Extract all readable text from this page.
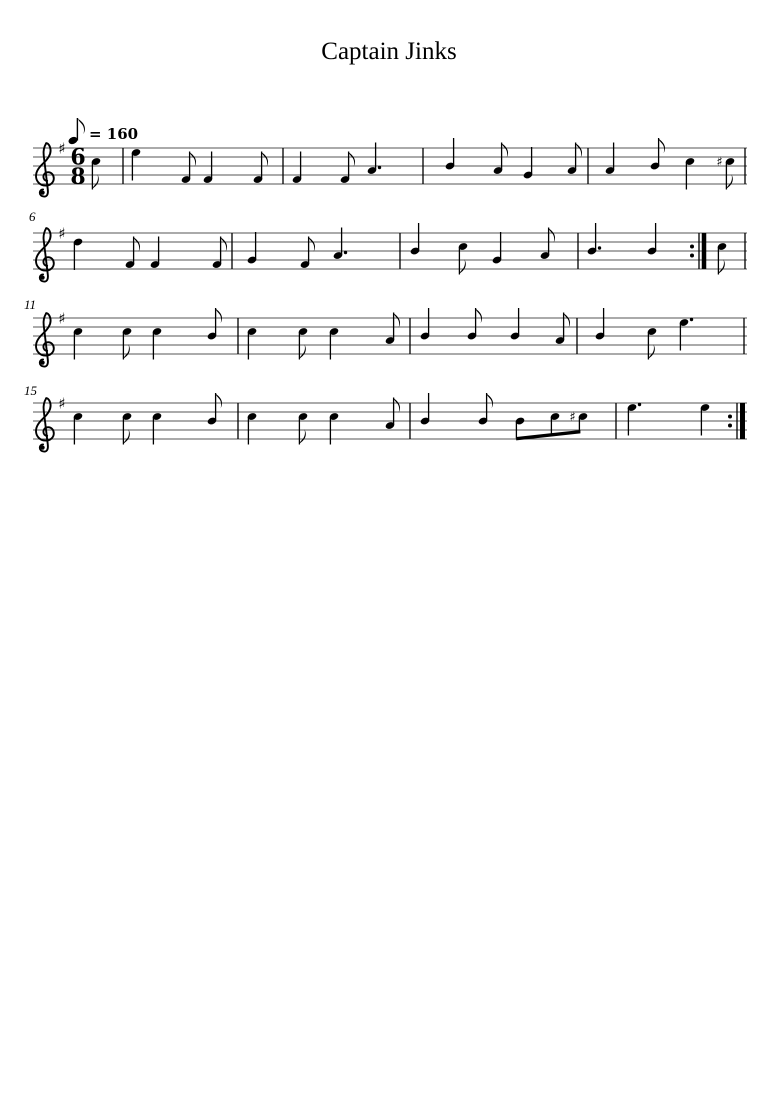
Captain Jinks
= 160
6
11
15
♯ 6
8
♯
♯
♯
♯
♯
